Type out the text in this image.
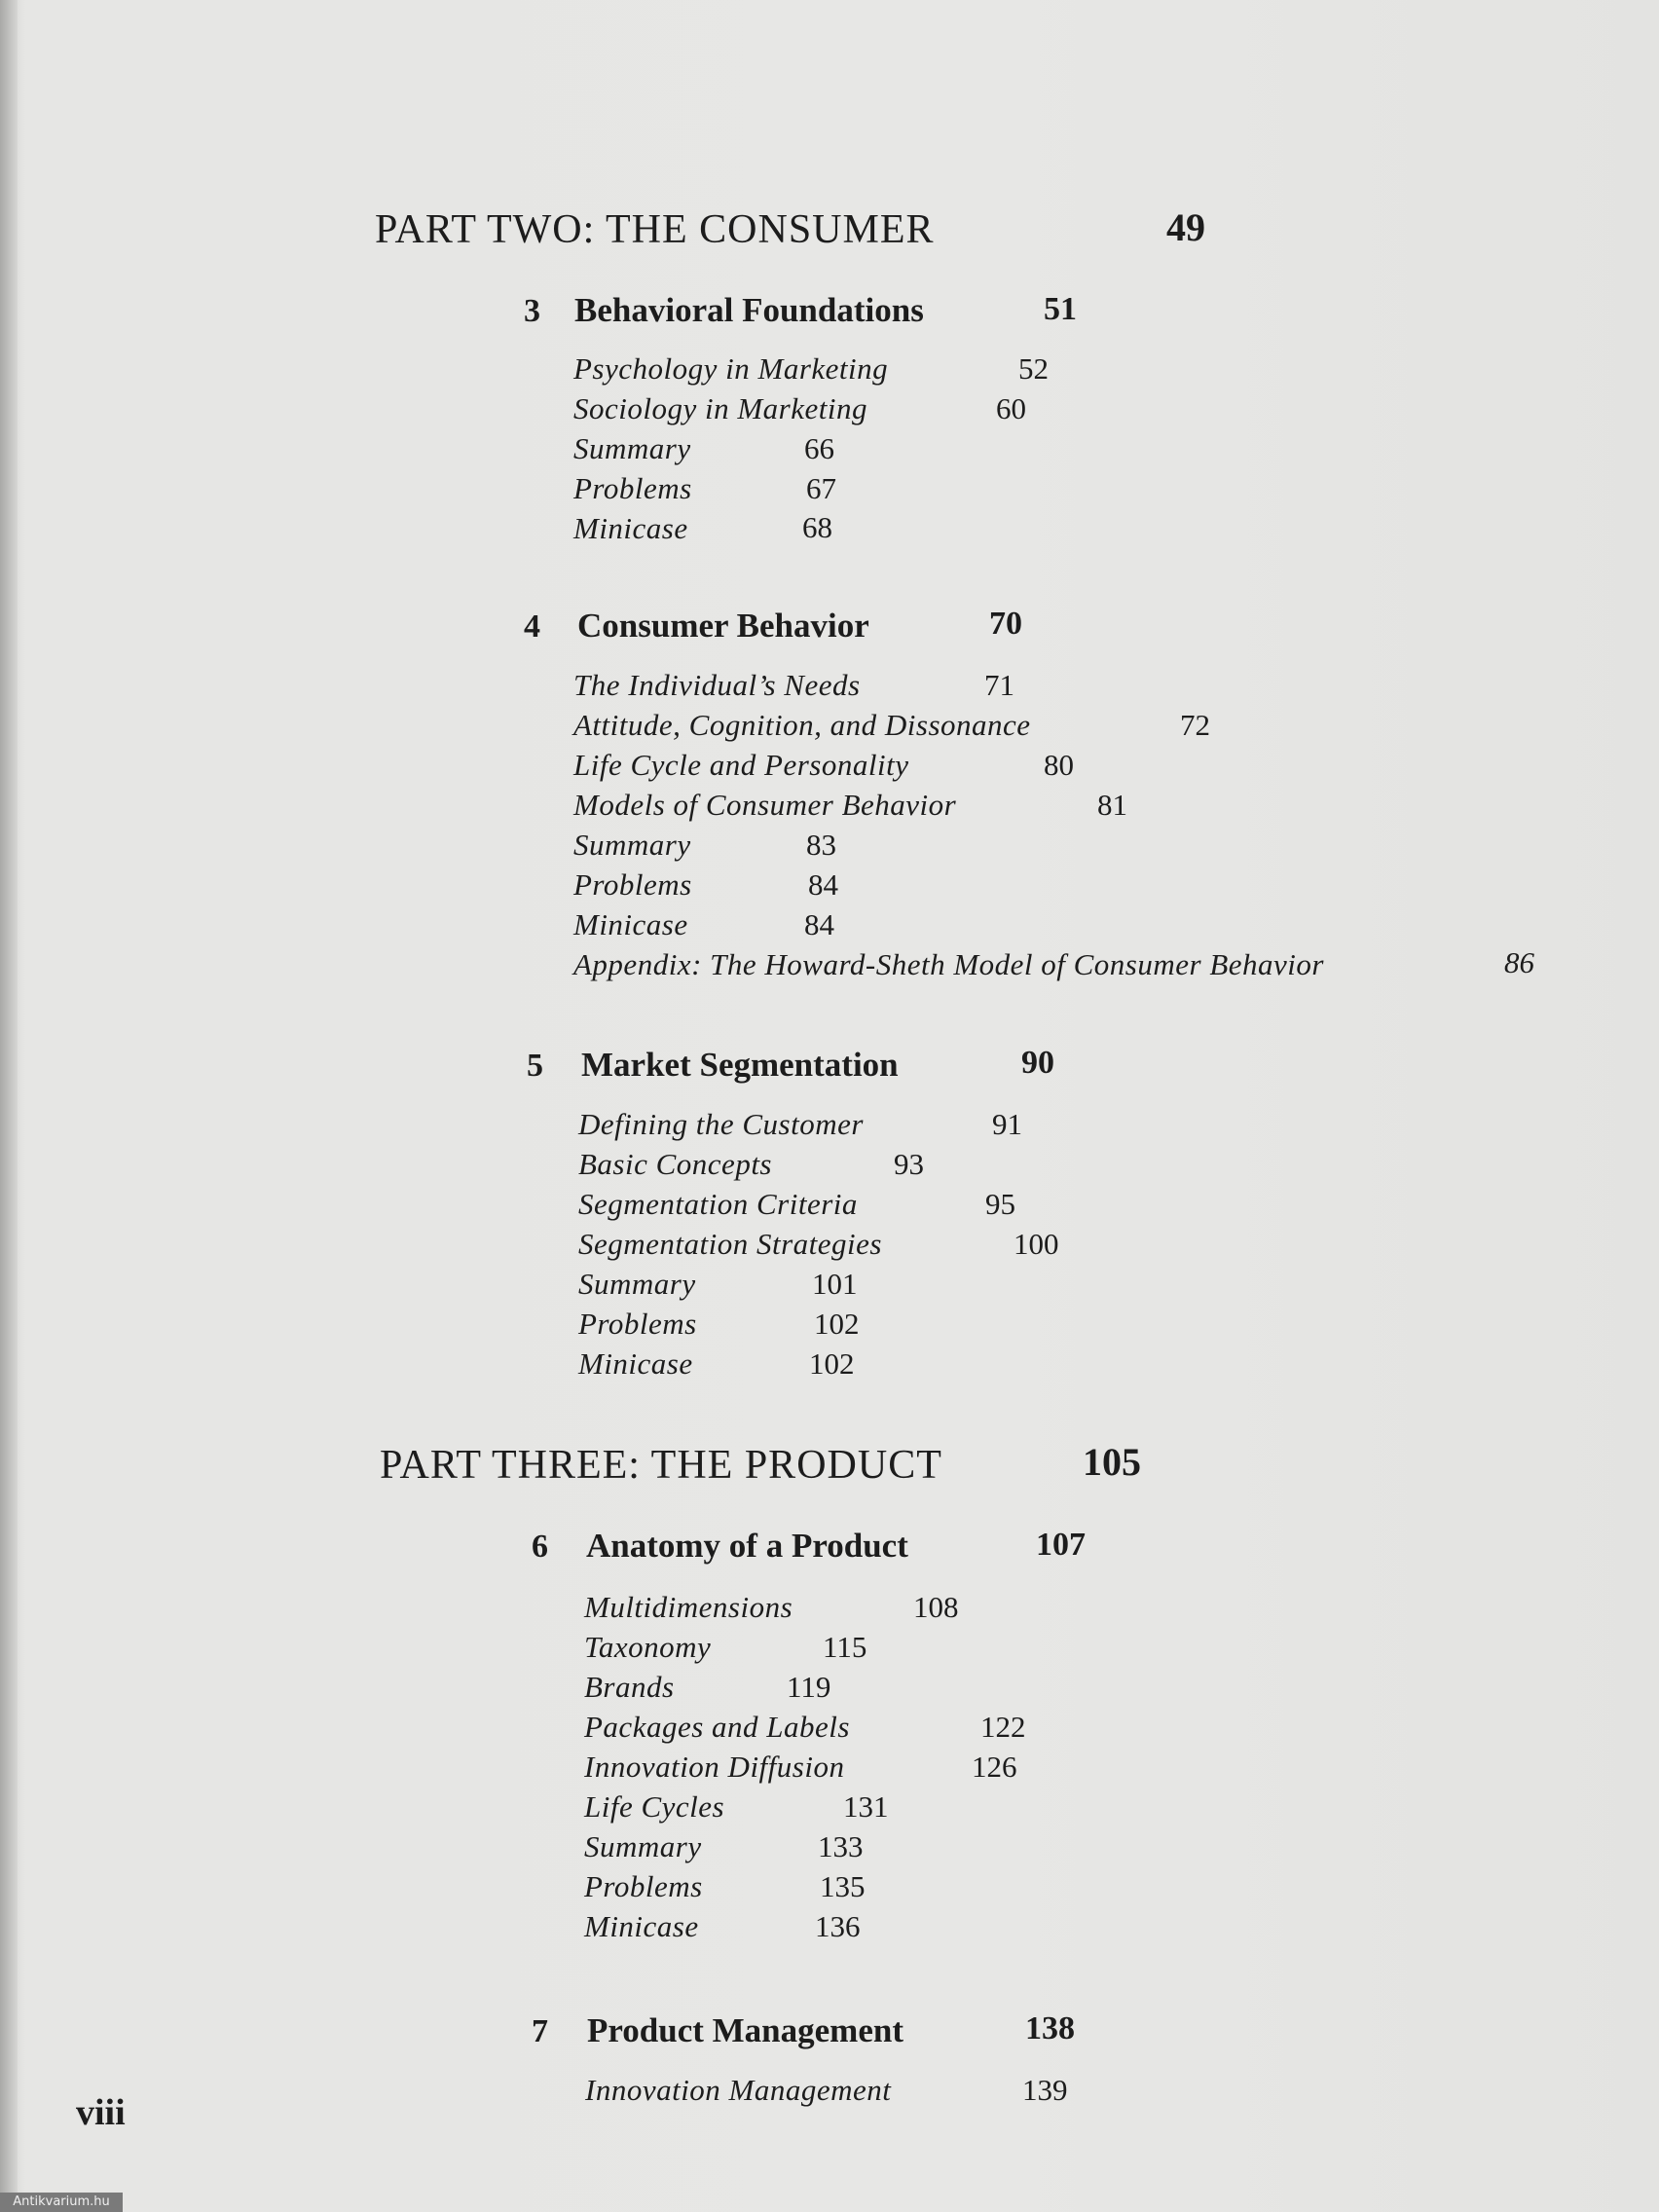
PART TWO: THE CONSUMER	49
3 Behavioral Foundations	51
Psychology in Marketing	52
Sociology in Marketing	60
Summary	66
Problems	67
Minicase	68
4 Consumer Behavior	70
The Individual’s Needs	71
Attitude, Cognition, and Dissonance	72
Life Cycle and Personality	80
Models of Consumer Behavior	81
Summary	83
Problems	84
Minicase	84
Appendix: The Howard-Sheth Model of Consumer Behavior	86
5 Market Segmentation	90
Defining the Customer	91
Basic Concepts	93
Segmentation Criteria	95
Segmentation Strategies	100
Summary	101
Problems	102
Minicase	102
PART THREE: THE PRODUCT	105
6 Anatomy of a Product	107
Multidimensions	108
Taxonomy	115
Brands	119
Packages and Labels	122
Innovation Diffusion	126
Life Cycles	131
Summary	133
Problems	135
Minicase	136
7 Product Management	138
Innovation Management	139
viii
Antikvarium.hu
